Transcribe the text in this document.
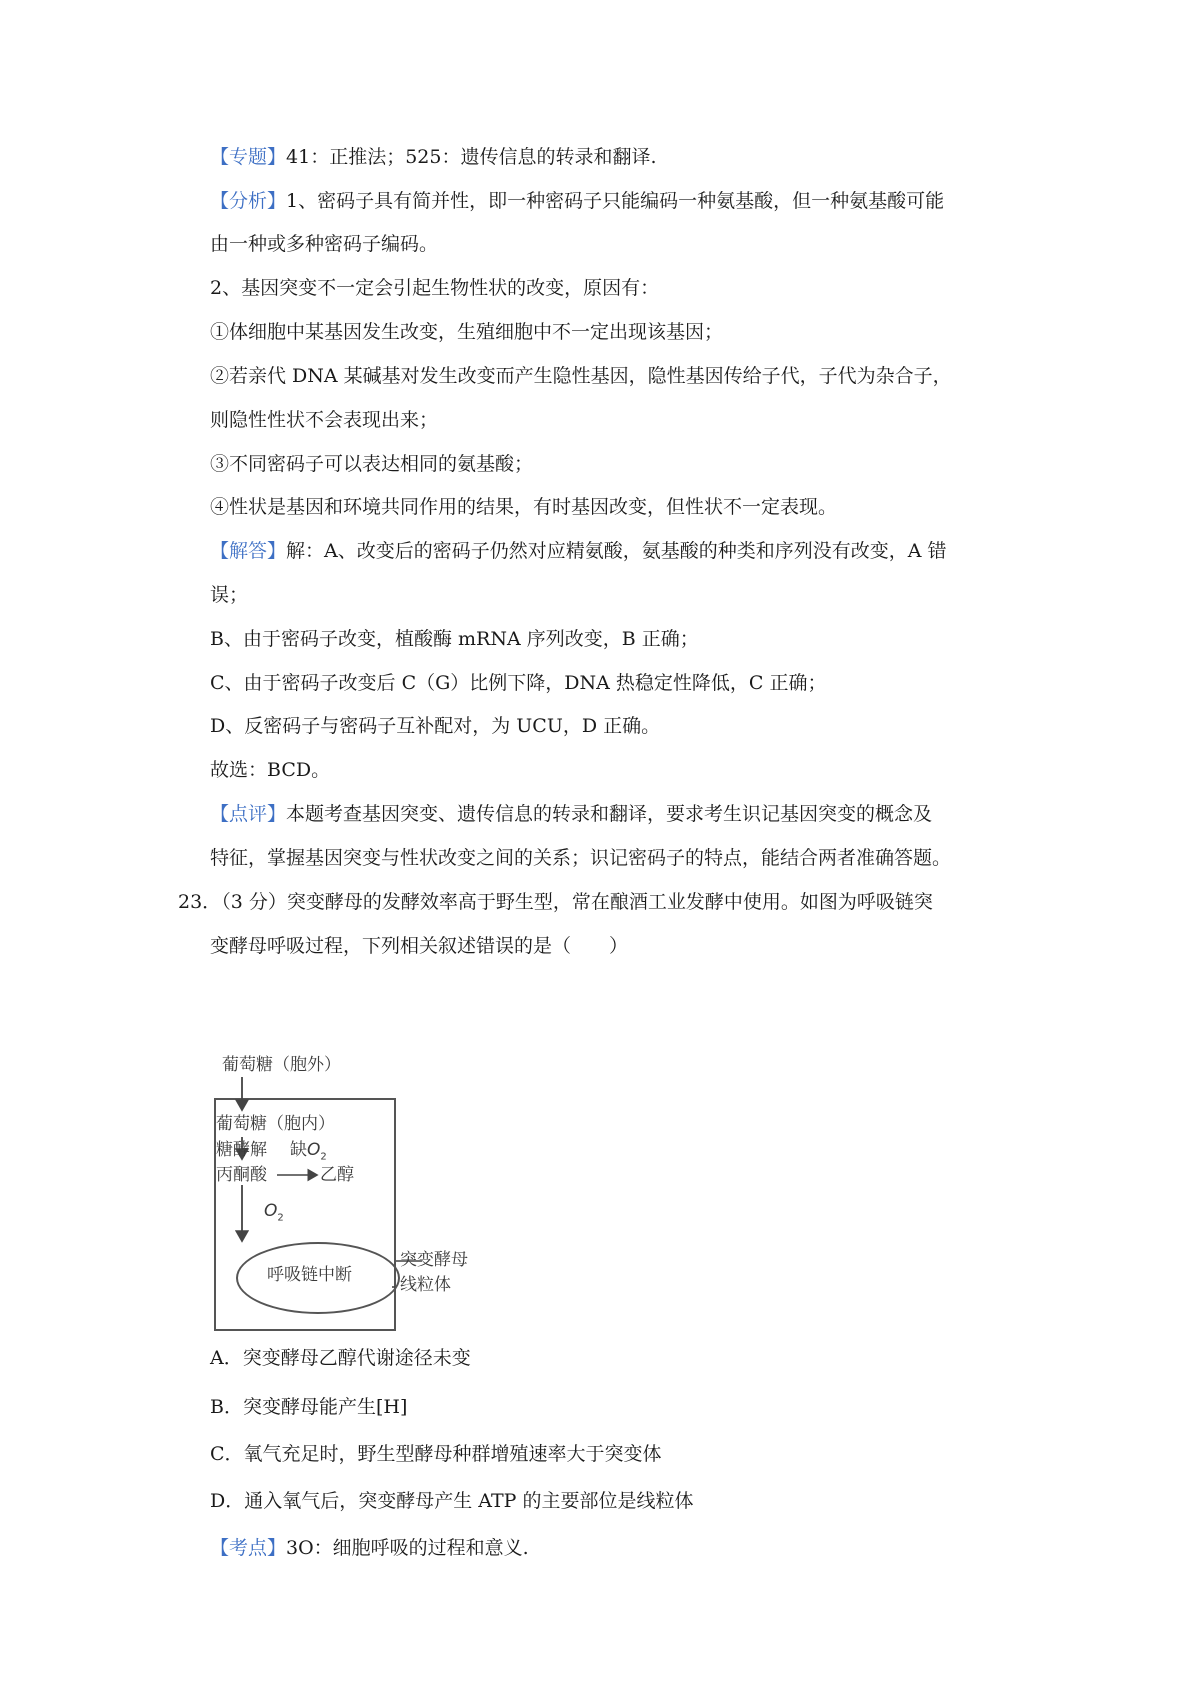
【专题】41：正推法；525：遗传信息的转录和翻译.
【分析】1、密码子具有简并性，即一种密码子只能编码一种氨基酸，但一种氨基酸可能
由一种或多种密码子编码。
2、基因突变不一定会引起生物性状的改变，原因有：
①体细胞中某基因发生改变，生殖细胞中不一定出现该基因；
②若亲代 DNA 某碱基对发生改变而产生隐性基因，隐性基因传给子代，子代为杂合子，
则隐性性状不会表现出来；
③不同密码子可以表达相同的氨基酸；
④性状是基因和环境共同作用的结果，有时基因改变，但性状不一定表现。
【解答】解：A、改变后的密码子仍然对应精氨酸，氨基酸的种类和序列没有改变，A 错
误；
B、由于密码子改变，植酸酶 mRNA 序列改变，B 正确；
C、由于密码子改变后 C（G）比例下降，DNA 热稳定性降低，C 正确；
D、反密码子与密码子互补配对，为 UCU，D 正确。
故选：BCD。
【点评】本题考查基因突变、遗传信息的转录和翻译，要求考生识记基因突变的概念及
特征，掌握基因突变与性状改变之间的关系；识记密码子的特点，能结合两者准确答题。
23．（3 分）突变酵母的发酵效率高于野生型，常在酿酒工业发酵中使用。如图为呼吸链突
变酵母呼吸过程，下列相关叙述错误的是（　　）
葡萄糖（胞外）
葡萄糖（胞内）
糖酵解 缺$O_2$
丙酮酸	乙醇
$O_2$
呼吸链中断
突变酵母
线粒体
A．突变酵母乙醇代谢途径未变
B．突变酵母能产生[H]
C．氧气充足时，野生型酵母种群增殖速率大于突变体
D．通入氧气后，突变酵母产生 ATP 的主要部位是线粒体
【考点】3O：细胞呼吸的过程和意义.
